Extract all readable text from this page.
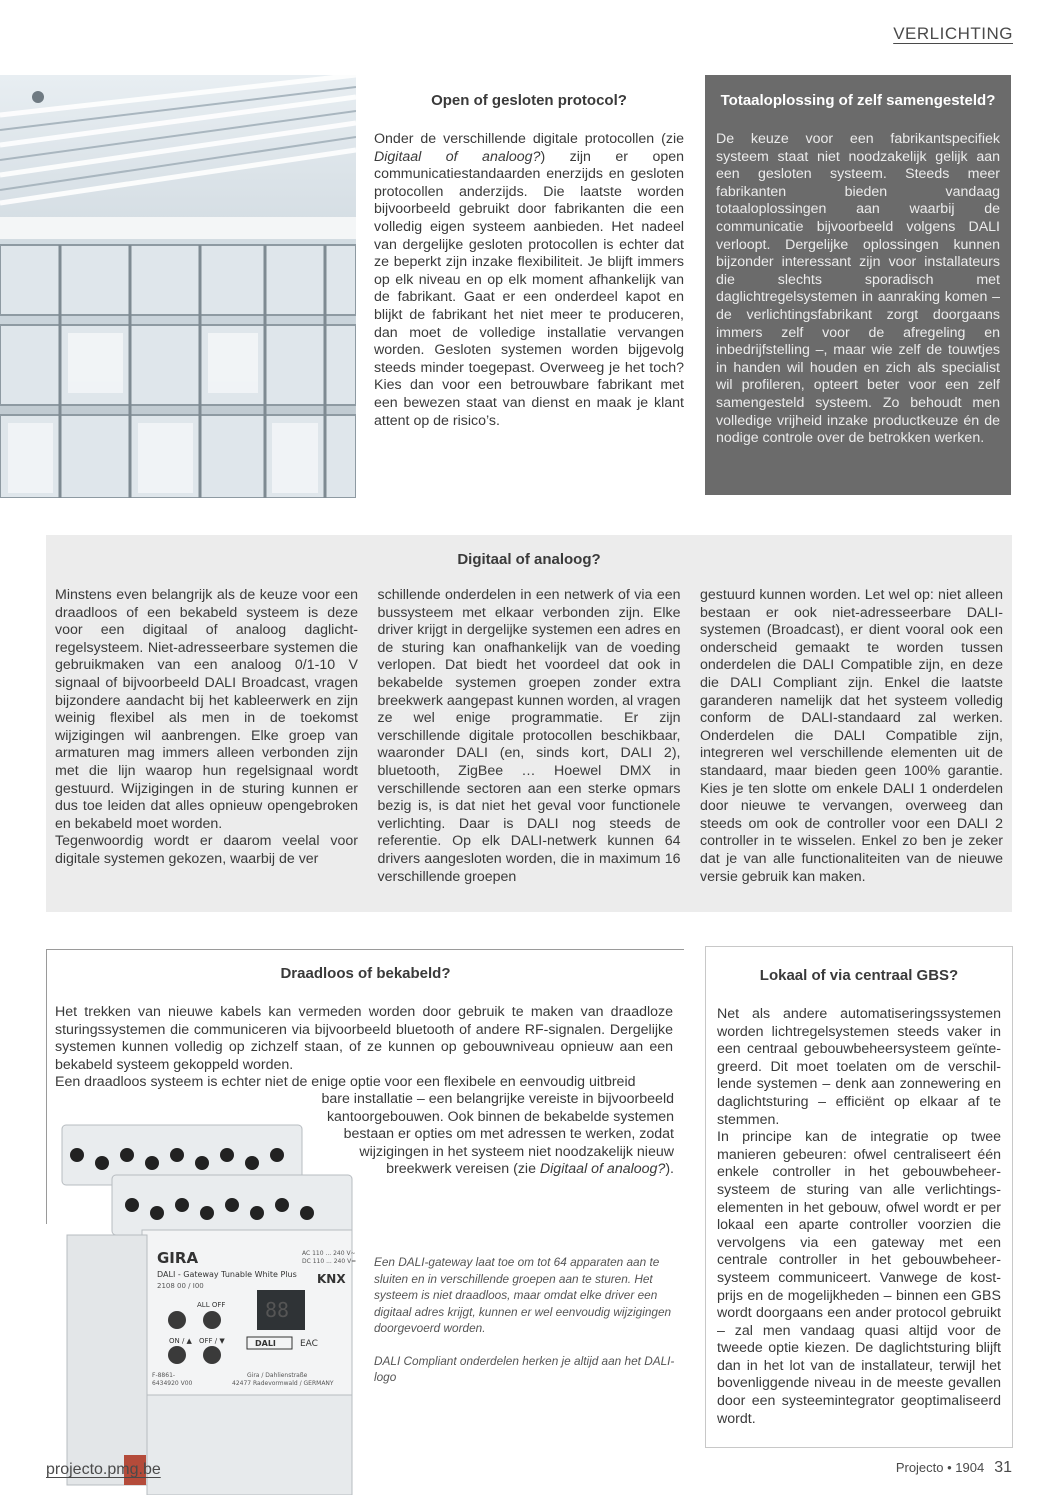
VERLICHTING
Open of gesloten protocol?

Onder de verschillende digitale protocollen (zie Digitaal of analoog?) zijn er open communicatiestandaarden enerzijds en gesloten protocollen anderzijds. Die laatste worden bijvoorbeeld gebruikt door fabrikanten die een volledig eigen systeem aanbieden. Het nadeel van dergelijke gesloten protocollen is echter dat ze beperkt zijn inzake flexibiliteit. Je blijft immers op elk niveau en op elk moment afhankelijk van de fabrikant. Gaat er een onderdeel kapot en blijkt de fabrikant het niet meer te produceren, dan moet de volledige installatie vervangen worden. Gesloten systemen worden bijgevolg steeds minder toegepast. Overweeg je het toch? Kies dan voor een betrouwbare fabrikant met een bewezen staat van dienst en maak je klant attent op de risico’s.

Totaaloplossing of zelf samengesteld?
De keuze voor een fabrikantspecifiek systeem staat niet noodzakelijk gelijk aan een gesloten systeem. Steeds meer fabrikanten bieden vandaag totaaloplossingen aan waarbij de communicatie bijvoorbeeld volgens DALI verloopt. Dergelijke oplossingen kunnen bijzonder interessant zijn voor installateurs die slechts sporadisch met daglichtregelsystemen in aanraking komen – de verlichtingsfabrikant zorgt doorgaans immers zelf voor de afregeling en inbedrijfstelling –, maar wie zelf de touwtjes in handen wil houden en zich als specialist wil profileren, opteert beter voor een zelf samengesteld systeem. Zo behoudt men volledige vrijheid inzake productkeuze én de nodige controle over de betrokken werken.
Digitaal of analoog?

Minstens even belangrijk als de keuze voor een draadloos of een bekabeld systeem is deze voor een digitaal of analoog daglichtregelsysteem. Niet-adresseerbare systemen die gebruikmaken van een analoog 0/1-10 V signaal of bijvoorbeeld DALI Broadcast, vragen bijzondere aandacht bij het kableerwerk en zijn weinig flexibel als men in de toekomst wijzigingen wil aanbrengen. Elke groep van armaturen mag immers alleen verbonden zijn met die lijn waarop hun regelsignaal wordt gestuurd. Wijzigingen in de sturing kunnen er dus toe leiden dat alles opnieuw opengebroken en bekabeld moet worden.

Tegenwoordig wordt er daarom veelal voor digitale systemen gekozen, waarbij de ver

schillende onderdelen in een netwerk of via een bussysteem met elkaar verbonden zijn. Elke driver krijgt in dergelijke systemen een adres en de sturing kan onafhankelijk van de voeding verlopen. Dat biedt het voordeel dat ook in bekabelde systemen groepen zonder extra breekwerk aangepast kunnen worden, al vragen ze wel enige programmatie. Er zijn verschillende digitale protocollen beschikbaar, waaronder DALI (en, sinds kort, DALI 2), bluetooth, ZigBee … Hoewel DMX in verschillende sectoren aan een sterke opmars bezig is, is dat niet het geval voor functionele verlichting. Daar is DALI nog steeds de referentie. Op elk DALI-netwerk kunnen 64 drivers aangesloten worden, die in maximum 16 verschillende groepen
gestuurd kunnen worden. Let wel op: niet alleen bestaan er ook niet-adresseerbare DALI-systemen (Broadcast), er dient vooral ook een onderscheid gemaakt te worden tussen onderdelen die DALI Compatible zijn, en deze die DALI Compliant zijn. Enkel die laatste garanderen namelijk dat het systeem volledig conform de DALI-standaard zal werken. Onderdelen die DALI Compatible zijn, integreren wel verschillende elementen uit de standaard, maar bieden geen 100% garantie. Kies je ten slotte om enkele DALI 1 onderdelen door nieuwe te vervangen, overweeg dan steeds om ook de controller voor een DALI 2 controller in te wisselen. Enkel zo ben je zeker dat je van alle functionaliteiten van de nieuwe versie gebruik kan maken.
Draadloos of bekabeld?

Het trekken van nieuwe kabels kan vermeden worden door gebruik te maken van draadloze sturingssystemen die communiceren via bijvoorbeeld bluetooth of andere RF-signalen. Dergelijke systemen kunnen volledig op zichzelf staan, of ze kunnen op gebouwniveau opnieuw aan een bekabeld systeem gekoppeld worden.

Een draadloos systeem is echter niet de enige optie voor een flexibele en eenvoudig uitbreid

bare installatie – een belangrijke vereiste in bijvoorbeeld kantoorgebouwen. Ook binnen de bekabelde systemen bestaan er opties om met adressen te werken, zodat wijzigingen in het systeem niet noodzakelijk nieuw breekwerk vereisen (zie Digitaal of analoog?).

88
GIRA
DALI - Gateway Tunable White Plus
2108 00 / I00
ALL OFF
ON / ▲ OFF / ▼
KNX
DALI	EAC
AC 110 ... 240 V~
DC 110 ... 240 V=
F-8861-
6434920 V00
Gira / Dahlienstraße
42477 Radevormwald / GERMANY

Een DALI-gateway laat toe om tot 64 apparaten aan te sluiten en in verschillende groepen aan te sturen. Het systeem is niet draadloos, maar omdat elke driver een digitaal adres krijgt, kunnen er wel eenvoudig wijzigingen doorgevoerd worden.

DALI Compliant onderdelen herken je altijd aan het DALI-logo

Lokaal of via centraal GBS?

Net als andere automatiseringssystemen worden lichtregelsystemen steeds vaker in een centraal gebouwbeheersysteem geïntegreerd. Dit moet toelaten om de verschillende systemen – denk aan zonnewering en daglichtsturing – efficiënt op elkaar af te stemmen.

In principe kan de integratie op twee manieren gebeuren: ofwel centraliseert één enkele controller in het gebouwbeheersysteem de sturing van alle verlichtingselementen in het gebouw, ofwel wordt er per lokaal een aparte controller voorzien die vervolgens via een gateway met een centrale controller in het gebouwbeheersysteem communiceert. Vanwege de kostprijs en de mogelijkheden – binnen een GBS wordt doorgaans een ander protocol gebruikt – zal men vandaag quasi altijd voor de tweede optie kiezen. De daglichtsturing blijft dan in het lot van de installateur, terwijl het bovenliggende niveau in de meeste gevallen door een systeemintegrator geoptimaliseerd wordt.

projecto.pmg.be	Projecto • 1904 31
